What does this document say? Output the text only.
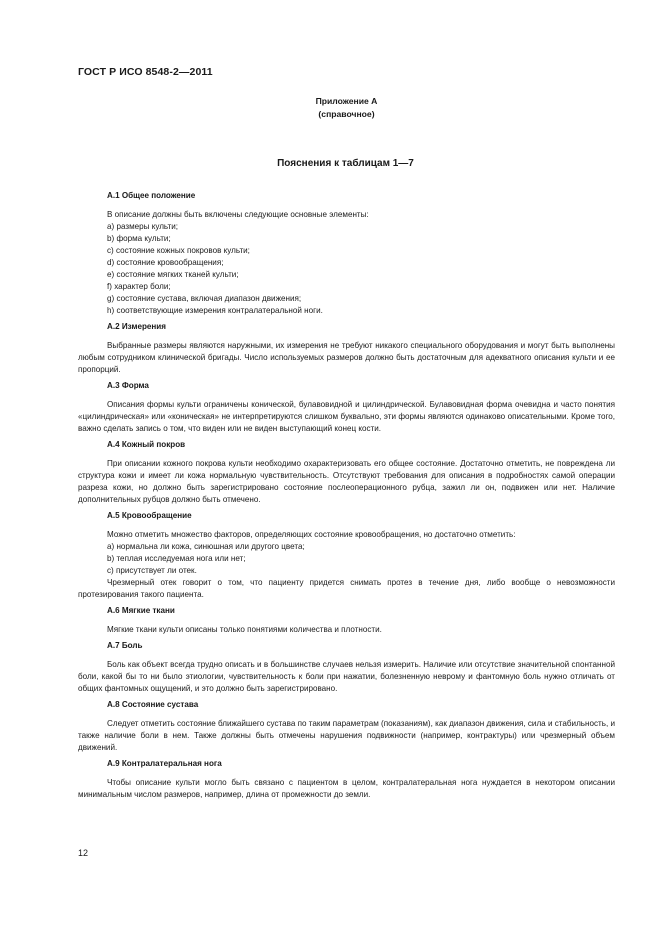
ГОСТ Р ИСО 8548-2—2011
Приложение А
(справочное)
Пояснения к таблицам 1—7
А.1 Общее положение

В описание должны быть включены следующие основные элементы:

a) размеры культи;
b) форма культи;
c) состояние кожных покровов культи;
d) состояние кровообращения;
e) состояние мягких тканей культи;
f) характер боли;
g) состояние сустава, включая диапазон движения;
h) соответствующие измерения контралатеральной ноги.
А.2 Измерения

Выбранные размеры являются наружными, их измерения не требуют никакого специального оборудования и могут быть выполнены любым сотрудником клинической бригады. Число используемых размеров должно быть достаточным для адекватного описания культи и ее пропорций.

А.3 Форма

Описания формы культи ограничены конической, булавовидной и цилиндрической. Булавовидная форма очевидна и часто понятия «цилиндрическая» или «коническая» не интерпретируются слишком буквально, эти формы являются одинаково описательными. Кроме того, важно сделать запись о том, что виден или не виден выступающий конец кости.

А.4 Кожный покров

При описании кожного покрова культи необходимо охарактеризовать его общее состояние. Достаточно отметить, не повреждена ли структура кожи и имеет ли кожа нормальную чувствительность. Отсутствуют требования для описания в подробностях самой операции разреза кожи, но должно быть зарегистрировано состояние послеоперационного рубца, зажил ли он, подвижен или нет. Наличие дополнительных рубцов должно быть отмечено.

А.5 Кровообращение

Можно отметить множество факторов, определяющих состояние кровообращения, но достаточно отметить:

a) нормальна ли кожа, синюшная или другого цвета;
b) теплая исследуемая нога или нет;
c) присутствует ли отек.

Чрезмерный отек говорит о том, что пациенту придется снимать протез в течение дня, либо вообще о невозможности протезирования такого пациента.

А.6 Мягкие ткани

Мягкие ткани культи описаны только понятиями количества и плотности.

А.7 Боль

Боль как объект всегда трудно описать и в большинстве случаев нельзя измерить. Наличие или отсутствие значительной спонтанной боли, какой бы то ни было этиологии, чувствительность к боли при нажатии, болезненную неврому и фантомную боль нужно отличать от общих фантомных ощущений, и это должно быть зарегистрировано.

А.8 Состояние сустава

Следует отметить состояние ближайшего сустава по таким параметрам (показаниям), как диапазон движения, сила и стабильность, и также наличие боли в нем. Также должны быть отмечены нарушения подвижности (например, контрактуры) или чрезмерный объем движений.

А.9 Контралатеральная нога

Чтобы описание культи могло быть связано с пациентом в целом, контралатеральная нога нуждается в некотором описании минимальным числом размеров, например, длина от промежности до земли.

12
